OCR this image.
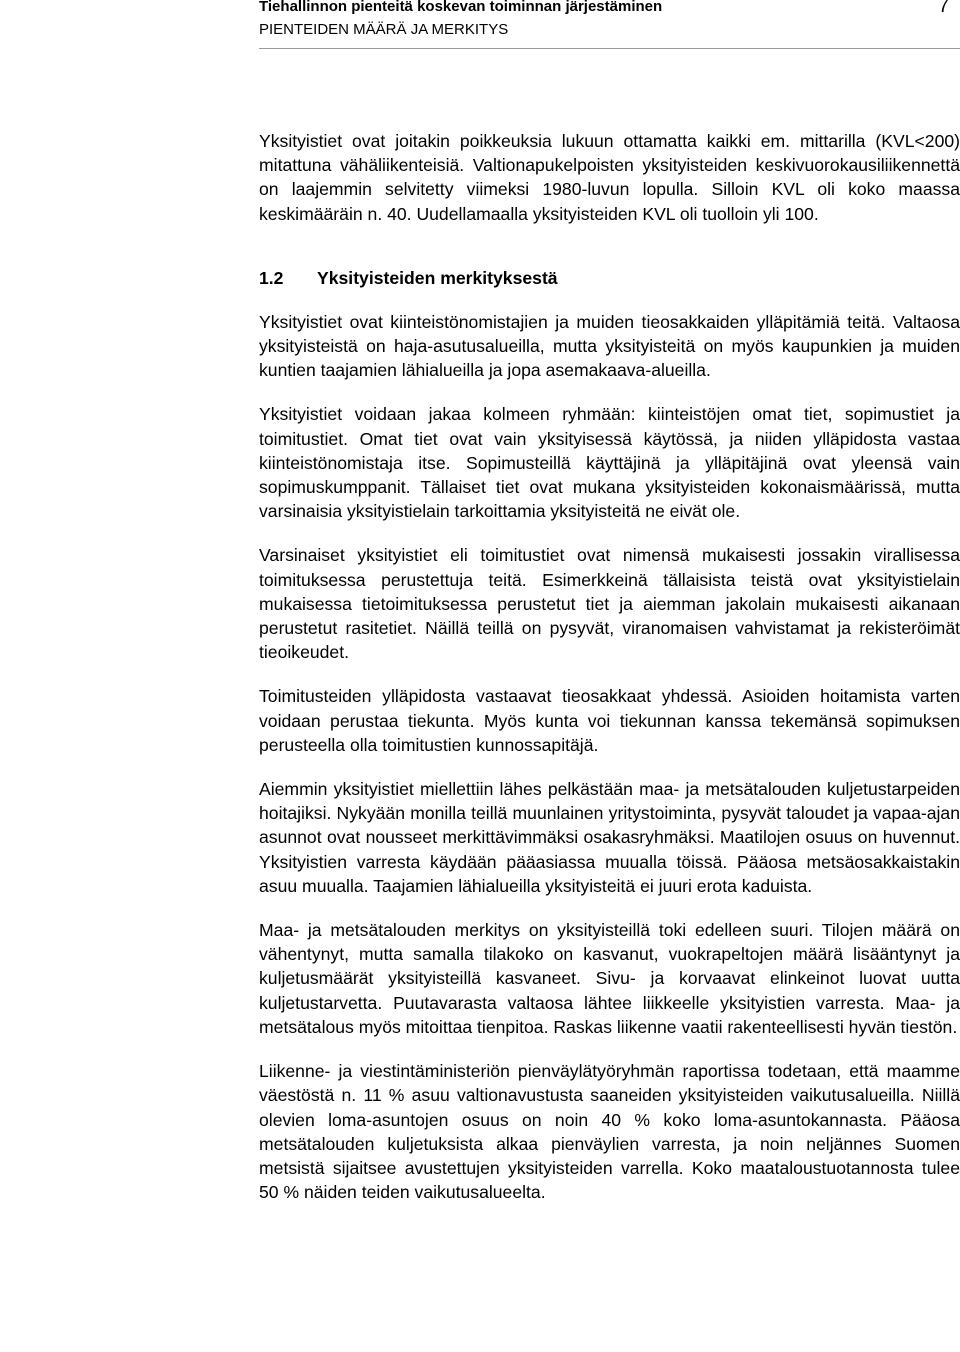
Tiehallinnon pienteitä koskevan toiminnan järjestäminen
PIENTEIDEN MÄÄRÄ JA MERKITYS
7

Yksityistiet ovat joitakin poikkeuksia lukuun ottamatta kaikki em. mittarilla (KVL<200) mitattuna vähäliikenteisiä. Valtionapukelpoisten yksityisteiden keskivuorokausiliikennettä on laajemmin selvitetty viimeksi 1980-luvun lopulla. Silloin KVL oli koko maassa keskimääräin n. 40. Uudellamaalla yksityisteiden KVL oli tuolloin yli 100.

1.2 Yksityisteiden merkityksestä

Yksityistiet ovat kiinteistönomistajien ja muiden tieosakkaiden ylläpitämiä teitä. Valtaosa yksityisteistä on haja-asutusalueilla, mutta yksityisteitä on myös kaupunkien ja muiden kuntien taajamien lähialueilla ja jopa asemakaava-alueilla.

Yksityistiet voidaan jakaa kolmeen ryhmään: kiinteistöjen omat tiet, sopimustiet ja toimitustiet. Omat tiet ovat vain yksityisessä käytössä, ja niiden ylläpidosta vastaa kiinteistönomistaja itse. Sopimusteillä käyttäjinä ja ylläpitäjinä ovat yleensä vain sopimuskumppanit. Tällaiset tiet ovat mukana yksityisteiden kokonaismäärissä, mutta varsinaisia yksityistielain tarkoittamia yksityisteitä ne eivät ole.

Varsinaiset yksityistiet eli toimitustiet ovat nimensä mukaisesti jossakin virallisessa toimituksessa perustettuja teitä. Esimerkkeinä tällaisista teistä ovat yksityistielain mukaisessa tietoimituksessa perustetut tiet ja aiemman jakolain mukaisesti aikanaan perustetut rasitetiet. Näillä teillä on pysyvät, viranomaisen vahvistamat ja rekisteröimät tieoikeudet.

Toimitusteiden ylläpidosta vastaavat tieosakkaat yhdessä. Asioiden hoitamista varten voidaan perustaa tiekunta. Myös kunta voi tiekunnan kanssa tekemänsä sopimuksen perusteella olla toimitustien kunnossapitäjä.

Aiemmin yksityistiet miellettiin lähes pelkästään maa- ja metsätalouden kuljetustarpeiden hoitajiksi. Nykyään monilla teillä muunlainen yritystoiminta, pysyvät taloudet ja vapaa-ajan asunnot ovat nousseet merkittävimmäksi osakasryhmäksi. Maatilojen osuus on huvennut. Yksityistien varresta käydään pääasiassa muualla töissä. Pääosa metsäosakkaistakin asuu muualla. Taajamien lähialueilla yksityisteitä ei juuri erota kaduista.

Maa- ja metsätalouden merkitys on yksityisteillä toki edelleen suuri. Tilojen määrä on vähentynyt, mutta samalla tilakoko on kasvanut, vuokrapeltojen määrä lisääntynyt ja kuljetusmäärät yksityisteillä kasvaneet. Sivu- ja korvaavat elinkeinot luovat uutta kuljetustarvetta. Puutavarasta valtaosa lähtee liikkeelle yksityistien varresta. Maa- ja metsätalous myös mitoittaa tienpitoa. Raskas liikenne vaatii rakenteellisesti hyvän tiestön.

Liikenne- ja viestintäministeriön pienväylätyöryhmän raportissa todetaan, että maamme väestöstä n. 11 % asuu valtionavustusta saaneiden yksityisteiden vaikutusalueilla. Niillä olevien loma-asuntojen osuus on noin 40 % koko loma-asuntokannasta. Pääosa metsätalouden kuljetuksista alkaa pienväylien varresta, ja noin neljännes Suomen metsistä sijaitsee avustettujen yksityisteiden varrella. Koko maataloustuotannosta tulee 50 % näiden teiden vaikutusalueelta.
